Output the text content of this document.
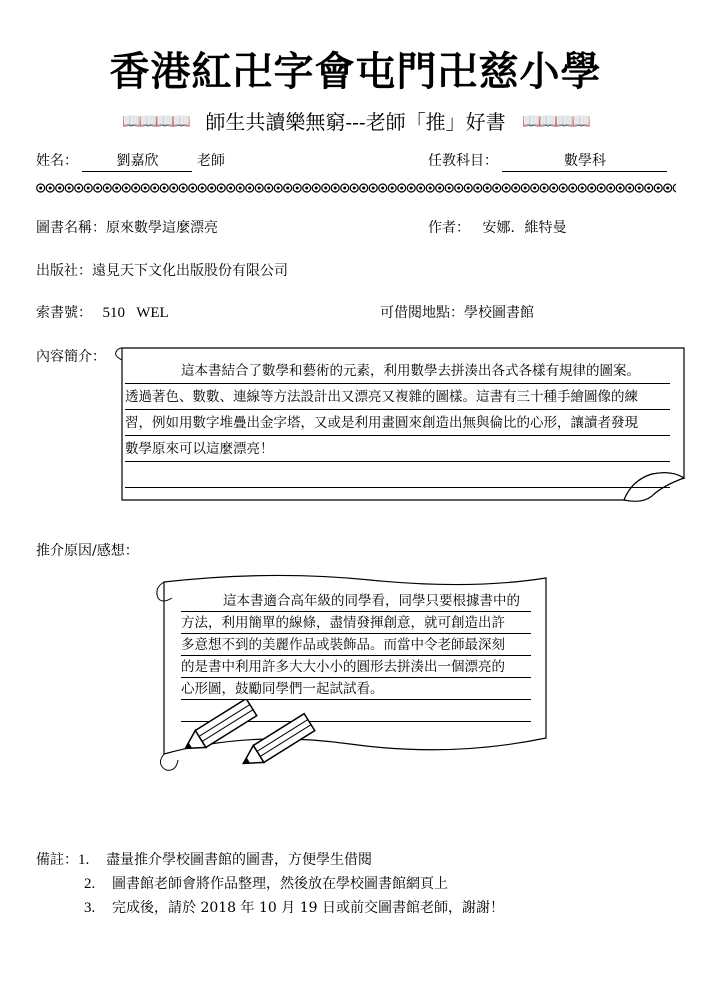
香港紅卍字會屯門卍慈小學
📖📖📖📖 師生共讀樂無窮---老師「推」好書 📖📖📖📖
姓名：	劉嘉欣	老師	任教科目：	數學科
圖書名稱：原來數學這麼漂亮	作者： 安娜．維特曼
出版社：遠見天下文化出版股份有限公司
索書號： 510   WEL	可借閱地點：學校圖書館
內容簡介：
這本書結合了數學和藝術的元素，利用數學去拼湊出各式各樣有規律的圖案。
透過著色、數數、連線等方法設計出又漂亮又複雜的圖樣。這書有三十種手繪圖像的練
習，例如用數字堆疊出金字塔，又或是利用畫圓來創造出無與倫比的心形，讓讀者發現
數學原來可以這麼漂亮！
推介原因/感想：
這本書適合高年級的同學看，同學只要根據書中的
方法，利用簡單的線條，盡情發揮創意，就可創造出許
多意想不到的美麗作品或裝飾品。而當中令老師最深刻
的是書中利用許多大大小小的圓形去拼湊出一個漂亮的
心形圖，鼓勵同學們一起試試看。
備註：1. 盡量推介學校圖書館的圖書，方便學生借閱
2. 圖書館老師會將作品整理，然後放在學校圖書館網頁上
3. 完成後，請於 2018 年 10 月 19 日或前交圖書館老師，謝謝！
